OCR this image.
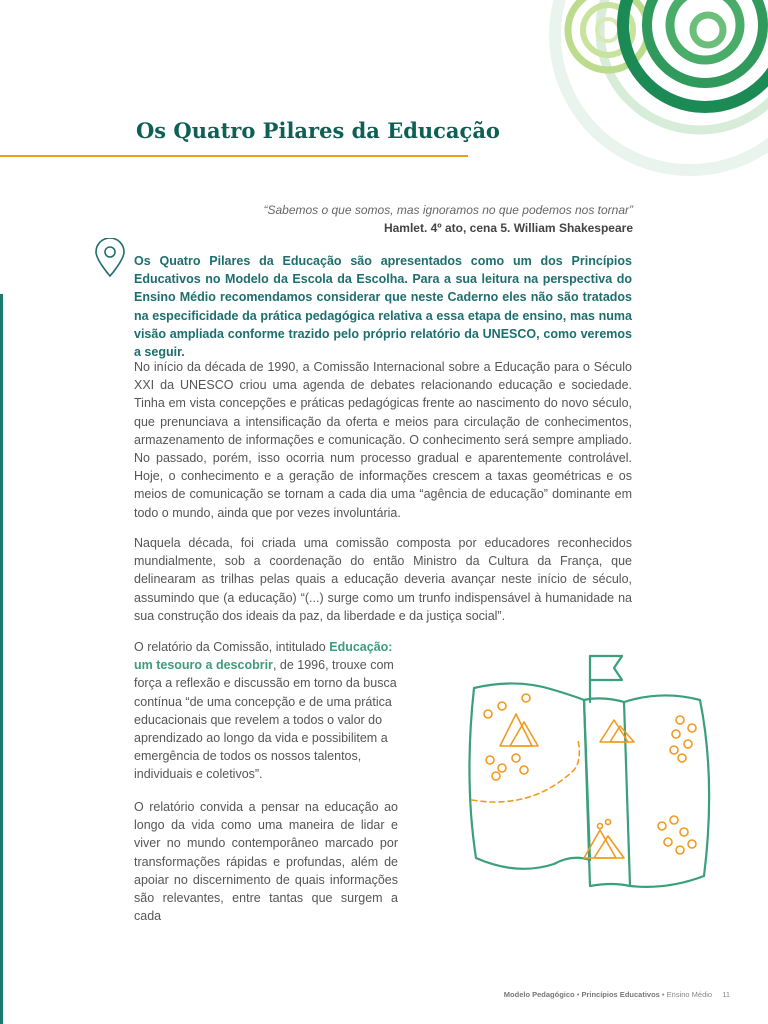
Os Quatro Pilares da Educação
“Sabemos o que somos, mas ignoramos no que podemos nos tornar”
Hamlet. 4º ato, cena 5. William Shakespeare

Os Quatro Pilares da Educação são apresentados como um dos Princípios Educativos no Modelo da Escola da Escolha. Para a sua leitura na perspectiva do Ensino Médio recomendamos considerar que neste Caderno eles não são tratados na especificidade da prática pedagógica relativa a essa etapa de ensino, mas numa visão ampliada conforme trazido pelo próprio relatório da UNESCO, como veremos a seguir.

No início da década de 1990, a Comissão Internacional sobre a Educação para o Século XXI da UNESCO criou uma agenda de debates relacionando educação e sociedade. Tinha em vista concepções e práticas pedagógicas frente ao nascimento do novo século, que prenunciava a intensificação da oferta e meios para circulação de conhecimentos, armazenamento de informações e comunicação. O conhecimento será sempre ampliado. No passado, porém, isso ocorria num processo gradual e aparentemente controlável. Hoje, o conhecimento e a geração de informações crescem a taxas geométricas e os meios de comunicação se tornam a cada dia uma “agência de educação” dominante em todo o mundo, ainda que por vezes involuntária.

Naquela década, foi criada uma comissão composta por educadores reconhecidos mundialmente, sob a coordenação do então Ministro da Cultura da França, que delinearam as trilhas pelas quais a educação deveria avançar neste início de século, assumindo que (a educação) “(...) surge como um trunfo indispensável à humanidade na sua construção dos ideais da paz, da liberdade e da justiça social”.

O relatório da Comissão, intitulado Educação: um tesouro a descobrir, de 1996, trouxe com força a reflexão e discussão em torno da busca contínua “de uma concepção e de uma prática educacionais que revelem a todos o valor do aprendizado ao longo da vida e possibilitem a emergência de todos os nossos talentos, individuais e coletivos”.

O relatório convida a pensar na educação ao longo da vida como uma maneira de lidar e viver no mundo contemporâneo marcado por transformações rápidas e profundas, além de apoiar no discernimento de quais informações são relevantes, entre tantas que surgem a cada

Modelo Pedagógico • Princípios Educativos • Ensino Médio 11
